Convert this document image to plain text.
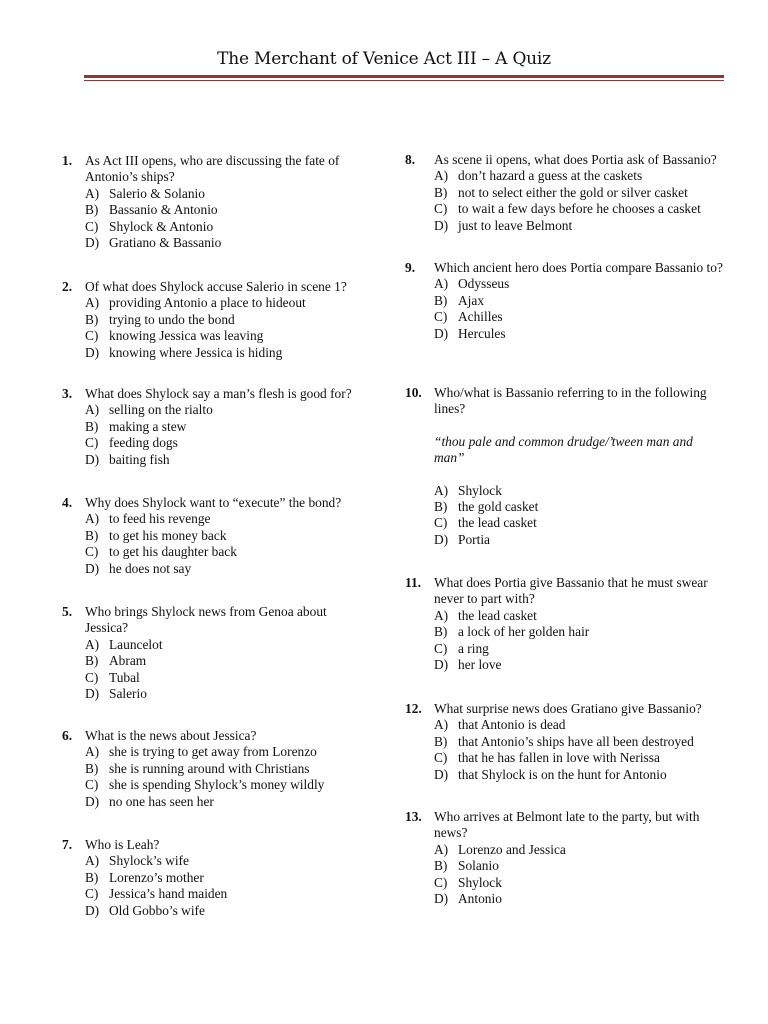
The Merchant of Venice Act III – A Quiz
1. As Act III opens, who are discussing the fate of Antonio’s ships?
A) Salerio & Solanio
B) Bassanio & Antonio
C) Shylock & Antonio
D) Gratiano & Bassanio
2. Of what does Shylock accuse Salerio in scene 1?
A) providing Antonio a place to hideout
B) trying to undo the bond
C) knowing Jessica was leaving
D) knowing where Jessica is hiding
3. What does Shylock say a man’s flesh is good for?
A) selling on the rialto
B) making a stew
C) feeding dogs
D) baiting fish
4. Why does Shylock want to “execute” the bond?
A) to feed his revenge
B) to get his money back
C) to get his daughter back
D) he does not say
5. Who brings Shylock news from Genoa about Jessica?
A) Launcelot
B) Abram
C) Tubal
D) Salerio
6. What is the news about Jessica?
A) she is trying to get away from Lorenzo
B) she is running around with Christians
C) she is spending Shylock’s money wildly
D) no one has seen her
7. Who is Leah?
A) Shylock’s wife
B) Lorenzo’s mother
C) Jessica’s hand maiden
D) Old Gobbo’s wife
8.	As scene ii opens, what does Portia ask of Bassanio?
A) don’t hazard a guess at the caskets
B) not to select either the gold or silver casket
C) to wait a few days before he chooses a casket
D) just to leave Belmont
9.	Which ancient hero does Portia compare Bassanio to?
A) Odysseus
B) Ajax
C) Achilles
D) Hercules
10. Who/what is Bassanio referring to in the following lines?
“thou pale and common drudge/’tween man and man”
A) Shylock
B) the gold casket
C) the lead casket
D) Portia
11. What does Portia give Bassanio that he must swear never to part with?
A) the lead casket
B) a lock of her golden hair
C) a ring
D) her love
12. What surprise news does Gratiano give Bassanio?
A) that Antonio is dead
B) that Antonio’s ships have all been destroyed
C) that he has fallen in love with Nerissa
D) that Shylock is on the hunt for Antonio
13. Who arrives at Belmont late to the party, but with news?
A) Lorenzo and Jessica
B) Solanio
C) Shylock
D) Antonio
